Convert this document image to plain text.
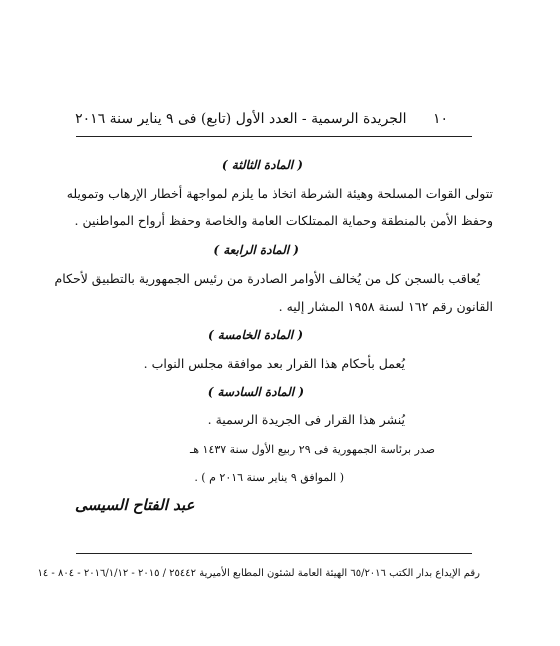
١٠ الجريدة الرسمية - العدد الأول (تابع) فى ٩ يناير سنة ٢٠١٦
( المادة الثالثة )
تتولى القوات المسلحة وهيئة الشرطة اتخاذ ما يلزم لمواجهة أخطار الإرهاب وتمويله
وحفظ الأمن بالمنطقة وحماية الممتلكات العامة والخاصة وحفظ أرواح المواطنين .
( المادة الرابعة )
يُعاقب بالسجن كل من يُخالف الأوامر الصادرة من رئيس الجمهورية بالتطبيق لأحكام
القانون رقم ١٦٢ لسنة ١٩٥٨ المشار إليه .
( المادة الخامسة )
يُعمل بأحكام هذا القرار بعد موافقة مجلس النواب .
( المادة السادسة )
يُنشر هذا القرار فى الجريدة الرسمية .
صدر برئاسة الجمهورية فى ٢٩ ربيع الأول سنة ١٤٣٧ هـ
( الموافق ٩ يناير سنة ٢٠١٦ م ) .
عبد الفتاح السيسى
رقم الإيداع بدار الكتب ٦٥/٢٠١٦ الهيئة العامة لشئون المطابع الأميرية ٢٥٤٤٢ / ٢٠١٥ - ٢٠١٦/١/١٢ - ٨٠٤ - ١٤
